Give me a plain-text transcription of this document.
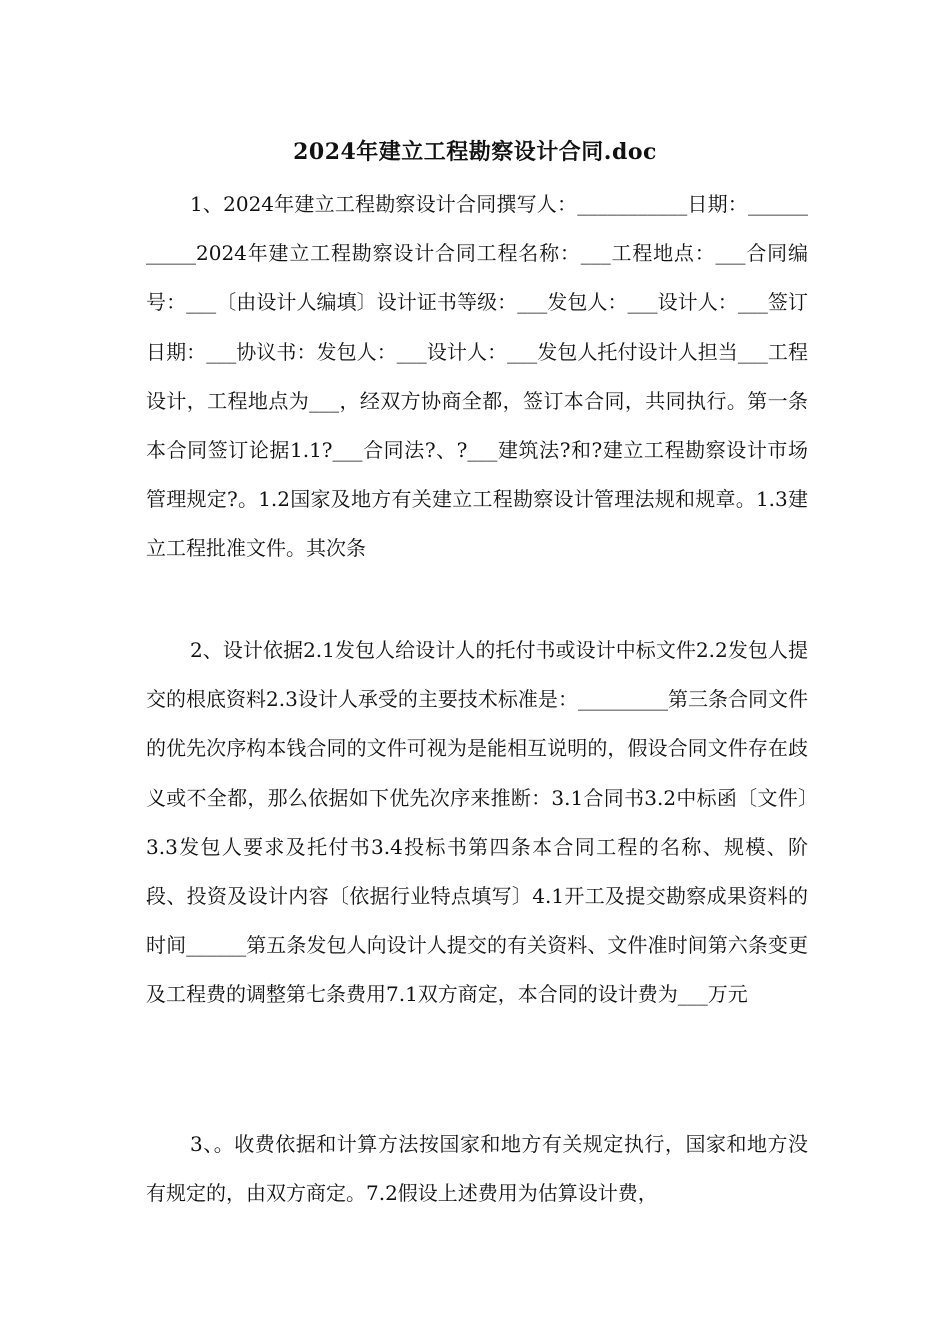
2024年建立工程勘察设计合同.doc

1、2024年建立工程勘察设计合同撰写人：___________日期：___________2024年建立工程勘察设计合同工程名称：___工程地点：___合同编号：___〔由设计人编填〕设计证书等级：___发包人：___设计人：___签订日期：___协议书：发包人：___设计人：___发包人托付设计人担当___工程设计，工程地点为___，经双方协商全都，签订本合同，共同执行。第一条本合同签订论据1.1?___合同法?、?___建筑法?和?建立工程勘察设计市场管理规定?。1.2国家及地方有关建立工程勘察设计管理法规和规章。1.3建立工程批准文件。其次条

2、设计依据2.1发包人给设计人的托付书或设计中标文件2.2发包人提交的根底资料2.3设计人承受的主要技术标准是：_________第三条合同文件的优先次序构本钱合同的文件可视为是能相互说明的，假设合同文件存在歧义或不全都，那么依据如下优先次序来推断：3.1合同书3.2中标函〔文件〕3.3发包人要求及托付书3.4投标书第四条本合同工程的名称、规模、阶段、投资及设计内容〔依据行业特点填写〕4.1开工及提交勘察成果资料的时间______第五条发包人向设计人提交的有关资料、文件准时间第六条变更及工程费的调整第七条费用7.1双方商定，本合同的设计费为___万元

3、。收费依据和计算方法按国家和地方有关规定执行，国家和地方没有规定的，由双方商定。7.2假设上述费用为估算设计费，
